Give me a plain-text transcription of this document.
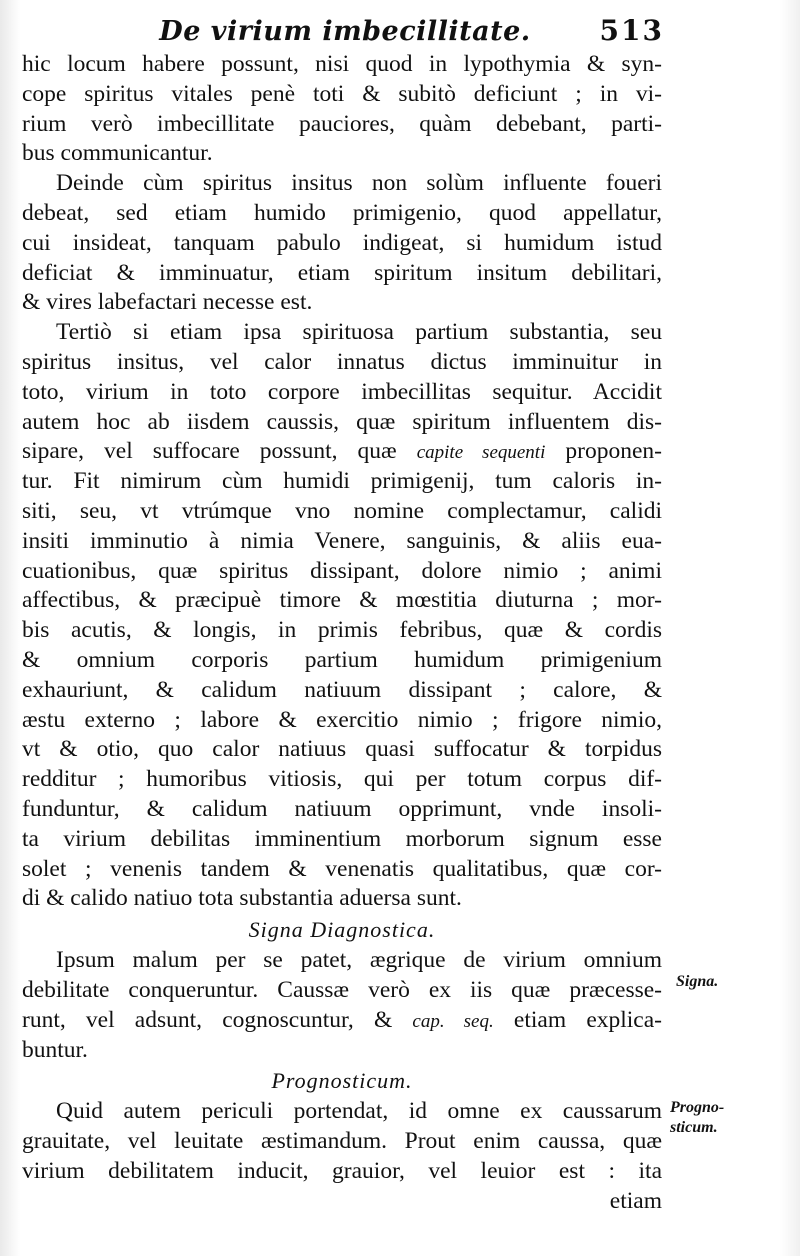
De virium imbecillitate.	513
hic locum habere possunt, nisi quod in lypothymia & syn-
cope spiritus vitales penè toti & subitò deficiunt ; in vi-
rium verò imbecillitate pauciores, quàm debebant, parti-
bus communicantur.
Deinde cùm spiritus insitus non solùm influente foueri
debeat, sed etiam humido primigenio, quod appellatur,
cui insideat, tanquam pabulo indigeat, si humidum istud
deficiat & imminuatur, etiam spiritum insitum debilitari,
& vires labefactari necesse est.
Tertiò si etiam ipsa spirituosa partium substantia, seu
spiritus insitus, vel calor innatus dictus imminuitur in
toto, virium in toto corpore imbecillitas sequitur. Accidit
autem hoc ab iisdem caussis, quæ spiritum influentem dis-
sipare, vel suffocare possunt, quæ capite sequenti proponen-
tur. Fit nimirum cùm humidi primigenij, tum caloris in-
siti, seu, vt vtrúmque vno nomine complectamur, calidi
insiti imminutio à nimia Venere, sanguinis, & aliis eua-
cuationibus, quæ spiritus dissipant, dolore nimio ; animi
affectibus, & præcipuè timore & mœstitia diuturna ; mor-
bis acutis, & longis, in primis febribus, quæ & cordis
& omnium corporis partium humidum primigenium
exhauriunt, & calidum natiuum dissipant ; calore, &
æstu externo ; labore & exercitio nimio ; frigore nimio,
vt & otio, quo calor natiuus quasi suffocatur & torpidus
redditur ; humoribus vitiosis, qui per totum corpus dif-
funduntur, & calidum natiuum opprimunt, vnde insoli-
ta virium debilitas imminentium morborum signum esse
solet ; venenis tandem & venenatis qualitatibus, quæ cor-
di & calido natiuo tota substantia aduersa sunt.
Signa Diagnostica.
Ipsum malum per se patet, ægrique de virium omnium
debilitate conqueruntur. Caussæ verò ex iis quæ præcesse-
runt, vel adsunt, cognoscuntur, & cap. seq. etiam explica-
buntur.
Prognosticum.
Quid autem periculi portendat, id omne ex caussarum
grauitate, vel leuitate æstimandum. Prout enim caussa, quæ
virium debilitatem inducit, grauior, vel leuior est : ita
etiam
Signa.
Progno-
sticum.
